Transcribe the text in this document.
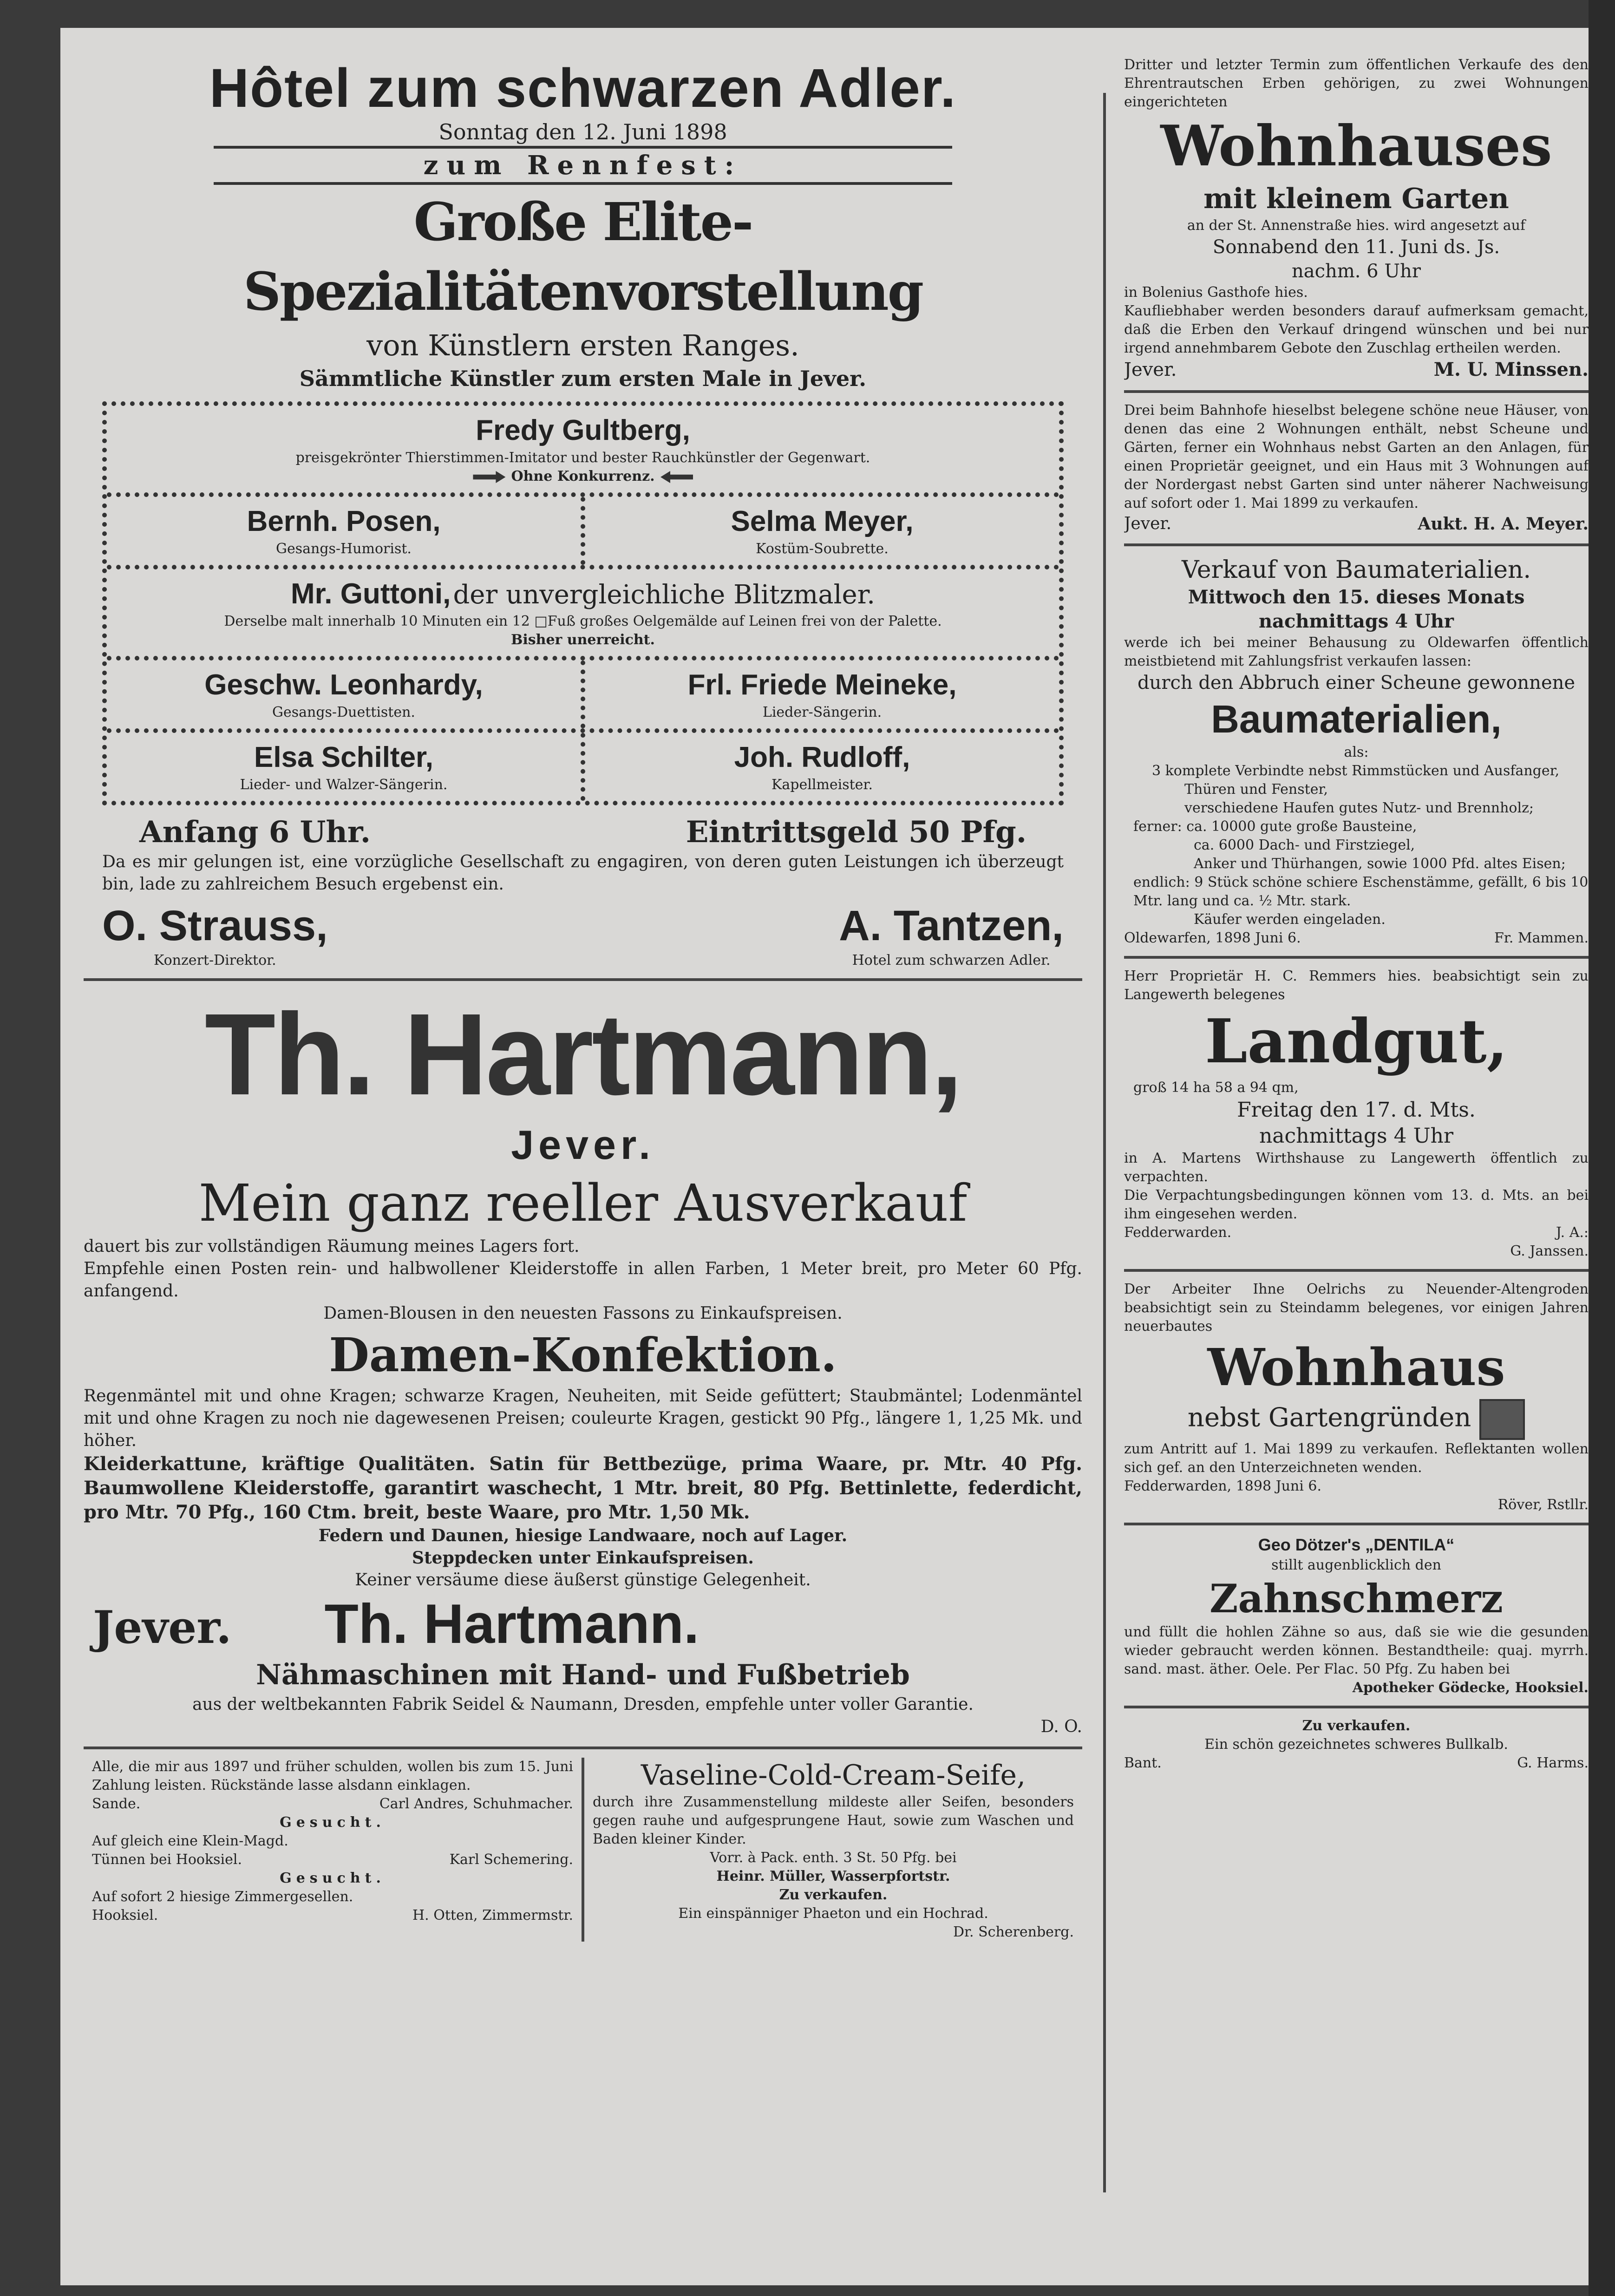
Hôtel zum schwarzen Adler.
Sonntag den 12. Juni 1898
zum Rennfest:
Große Elite-Spezialitätenvorstellung
von Künstlern ersten Ranges.
Sämmtliche Künstler zum ersten Male in Jever.
Fredy Gultberg,
preisgekrönter Thierstimmen-Imitator und bester Rauchkünstler der Gegenwart.
Ohne Konkurrenz.
Bernh. Posen,
Gesangs-Humorist.
Selma Meyer,
Kostüm-Soubrette.
Mr. Guttoni, der unvergleichliche Blitzmaler.
Derselbe malt innerhalb 10 Minuten ein 12 □Fuß großes Oelgemälde auf Leinen frei von der Palette.
Bisher unerreicht.
Geschw. Leonhardy,
Gesangs-Duettisten.
Frl. Friede Meineke,
Lieder-Sängerin.
Elsa Schilter,
Lieder- und Walzer-Sängerin.
Joh. Rudloff,
Kapellmeister.
Anfang 6 Uhr.	Eintrittsgeld 50 Pfg.
Da es mir gelungen ist, eine vorzügliche Gesellschaft zu engagiren, von deren guten Leistungen ich überzeugt bin, lade zu zahlreichem Besuch ergebenst ein.
O. Strauss,
Konzert-Direktor.
A. Tantzen,
Hotel zum schwarzen Adler.
Th. Hartmann,
Jever.
Mein ganz reeller Ausverkauf

dauert bis zur vollständigen Räumung meines Lagers fort.

Empfehle einen Posten rein- und halbwollener Kleiderstoffe in allen Farben, 1 Meter breit, pro Meter 60 Pfg. anfangend.

Damen-Blousen in den neuesten Fassons zu Einkaufspreisen.

Damen-Konfektion.

Regenmäntel mit und ohne Kragen; schwarze Kragen, Neuheiten, mit Seide gefüttert; Staubmäntel; Lodenmäntel mit und ohne Kragen zu noch nie dagewesenen Preisen; couleurte Kragen, gestickt 90 Pfg., längere 1, 1,25 Mk. und höher.

Kleiderkattune, kräftige Qualitäten. Satin für Bettbezüge, prima Waare, pr. Mtr. 40 Pfg. Baumwollene Kleiderstoffe, garantirt waschecht, 1 Mtr. breit, 80 Pfg. Bettinlette, federdicht, pro Mtr. 70 Pfg., 160 Ctm. breit, beste Waare, pro Mtr. 1,50 Mk.

Federn und Daunen, hiesige Landwaare, noch auf Lager.

Steppdecken unter Einkaufspreisen.

Keiner versäume diese äußerst günstige Gelegenheit.

Jever. Th. Hartmann.
Nähmaschinen mit Hand- und Fußbetrieb

aus der weltbekannten Fabrik Seidel & Naumann, Dresden, empfehle unter voller Garantie.

D. O.

Alle, die mir aus 1897 und früher schulden, wollen bis zum 15. Juni Zahlung leisten. Rückstände lasse alsdann einklagen.

Sande.	Carl Andres, Schuhmacher.

Gesucht.

Auf gleich eine Klein-Magd.

Tünnen bei Hooksiel.	Karl Schemering.

Gesucht.

Auf sofort 2 hiesige Zimmergesellen.

Hooksiel.	H. Otten, Zimmermstr.

Vaseline-Cold-Cream-Seife,

durch ihre Zusammenstellung mildeste aller Seifen, besonders gegen rauhe und aufgesprungene Haut, sowie zum Waschen und Baden kleiner Kinder.

Vorr. à Pack. enth. 3 St. 50 Pfg. bei

Heinr. Müller, Wasserpfortstr.

Zu verkaufen.

Ein einspänniger Phaeton und ein Hochrad.

Dr. Scherenberg.

Dritter und letzter Termin zum öffentlichen Verkaufe des den Ehrentrautschen Erben gehörigen, zu zwei Wohnungen eingerichteten

Wohnhauses
mit kleinem Garten

an der St. Annenstraße hies. wird angesetzt auf

Sonnabend den 11. Juni ds. Js.

nachm. 6 Uhr

in Bolenius Gasthofe hies.

Kaufliebhaber werden besonders darauf aufmerksam gemacht, daß die Erben den Verkauf dringend wünschen und bei nur irgend annehmbarem Gebote den Zuschlag ertheilen werden.

Jever.	M. U. Minssen.

Drei beim Bahnhofe hieselbst belegene schöne neue Häuser, von denen das eine 2 Wohnungen enthält, nebst Scheune und Gärten, ferner ein Wohnhaus nebst Garten an den Anlagen, für einen Proprietär geeignet, und ein Haus mit 3 Wohnungen auf der Nordergast nebst Garten sind unter näherer Nachweisung auf sofort oder 1. Mai 1899 zu verkaufen.

Jever.	Aukt. H. A. Meyer.
Verkauf von Baumaterialien.

Mittwoch den 15. dieses Monats

nachmittags 4 Uhr

werde ich bei meiner Behausung zu Oldewarfen öffentlich meistbietend mit Zahlungsfrist verkaufen lassen:

durch den Abbruch einer Scheune gewonnene

Baumaterialien,

als:

3 komplete Verbindte nebst Rimmstücken und Ausfanger,

Thüren und Fenster,

verschiedene Haufen gutes Nutz- und Brennholz;

ferner: ca. 10000 gute große Bausteine,

ca. 6000 Dach- und Firstziegel,

Anker und Thürhangen, sowie 1000 Pfd. altes Eisen;

endlich: 9 Stück schöne schiere Eschenstämme, gefällt, 6 bis 10 Mtr. lang und ca. ½ Mtr. stark.

Käufer werden eingeladen.

Oldewarfen, 1898 Juni 6.	Fr. Mammen.

Herr Proprietär H. C. Remmers hies. beabsichtigt sein zu Langewerth belegenes

Landgut,

groß 14 ha 58 a 94 qm,

Freitag den 17. d. Mts.

nachmittags 4 Uhr

in A. Martens Wirthshause zu Langewerth öffentlich zu verpachten.

Die Verpachtungsbedingungen können vom 13. d. Mts. an bei ihm eingesehen werden.

Fedderwarden.	J. A.:

G. Janssen.

Der Arbeiter Ihne Oelrichs zu Neuender-Altengroden beabsichtigt sein zu Steindamm belegenes, vor einigen Jahren neuerbautes

Wohnhaus
nebst Gartengründen

zum Antritt auf 1. Mai 1899 zu verkaufen. Reflektanten wollen sich gef. an den Unterzeichneten wenden.

Fedderwarden, 1898 Juni 6.

Röver, Rstllr.

Geo Dötzer's „DENTILA“

stillt augenblicklich den

Zahnschmerz

und füllt die hohlen Zähne so aus, daß sie wie die gesunden wieder gebraucht werden können. Bestandtheile: quaj. myrrh. sand. mast. äther. Oele. Per Flac. 50 Pfg. Zu haben bei

Apotheker Gödecke, Hooksiel.

Zu verkaufen.

Ein schön gezeichnetes schweres Bullkalb.

Bant.	G. Harms.
